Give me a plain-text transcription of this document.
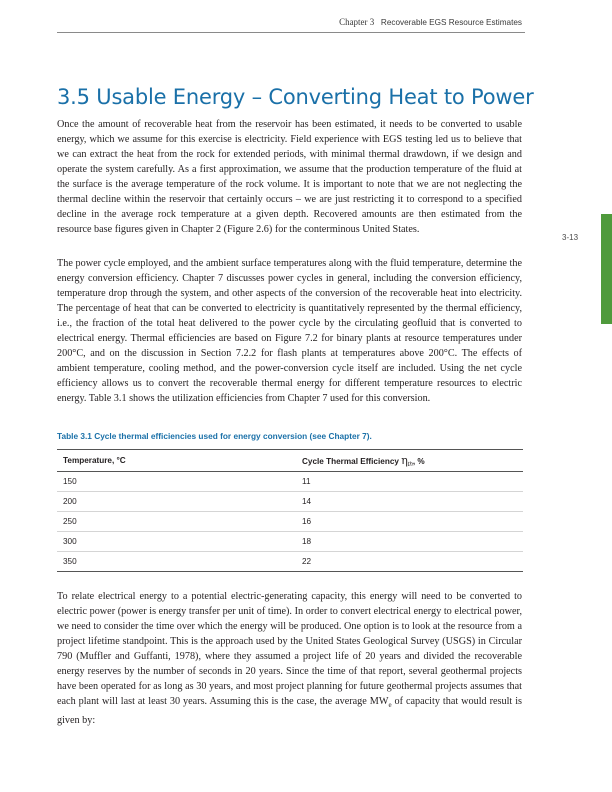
Chapter 3 Recoverable EGS Resource Estimates
3-13
3.5 Usable Energy – Converting Heat to Power

Once the amount of recoverable heat from the reservoir has been estimated, it needs to be converted to usable energy, which we assume for this exercise is electricity. Field experience with EGS testing led us to believe that we can extract the heat from the rock for extended periods, with minimal thermal drawdown, if we design and operate the system carefully. As a first approximation, we assume that the production temperature of the fluid at the surface is the average temperature of the rock volume. It is important to note that we are not neglecting the thermal decline within the reservoir that certainly occurs – we are just restricting it to correspond to a specified decline in the average rock temperature at a given depth. Recovered amounts are then estimated from the resource base figures given in Chapter 2 (Figure 2.6) for the conterminous United States.

The power cycle employed, and the ambient surface temperatures along with the fluid temperature, determine the energy conversion efficiency. Chapter 7 discusses power cycles in general, including the conversion efficiency, temperature drop through the system, and other aspects of the conversion of the recoverable heat into electricity. The percentage of heat that can be converted to electricity is quantitatively represented by the thermal efficiency, i.e., the fraction of the total heat delivered to the power cycle by the circulating geofluid that is converted to electrical energy. Thermal efficiencies are based on Figure 7.2 for binary plants at resource temperatures under 200°C, and on the discussion in Section 7.2.2 for flash plants at temperatures above 200°C. The effects of ambient temperature, cooling method, and the power-conversion cycle itself are included. Using the net cycle efficiency allows us to convert the recoverable thermal energy for different temperature resources to electric energy. Table 3.1 shows the utilization efficiencies from Chapter 7 used for this conversion.

Table 3.1 Cycle thermal efficiencies used for energy conversion (see Chapter 7).
Temperature, °C	Cycle Thermal Efficiency $\eta_{th}$, %
150	11
200	14
250	16
300	18
350	22

To relate electrical energy to a potential electric-generating capacity, this energy will need to be converted to electric power (power is energy transfer per unit of time). In order to convert electrical energy to electrical power, we need to consider the time over which the energy will be produced. One option is to look at the resource from a project lifetime standpoint. This is the approach used by the United States Geological Survey (USGS) in Circular 790 (Muffler and Guffanti, 1978), where they assumed a project life of 20 years and divided the recoverable energy reserves by the number of seconds in 20 years. Since the time of that report, several geothermal projects have been operated for as long as 30 years, and most project planning for future geothermal projects assumes that each plant will last at least 30 years. Assuming this is the case, the average $MW_e$ of capacity that would result is given by:
